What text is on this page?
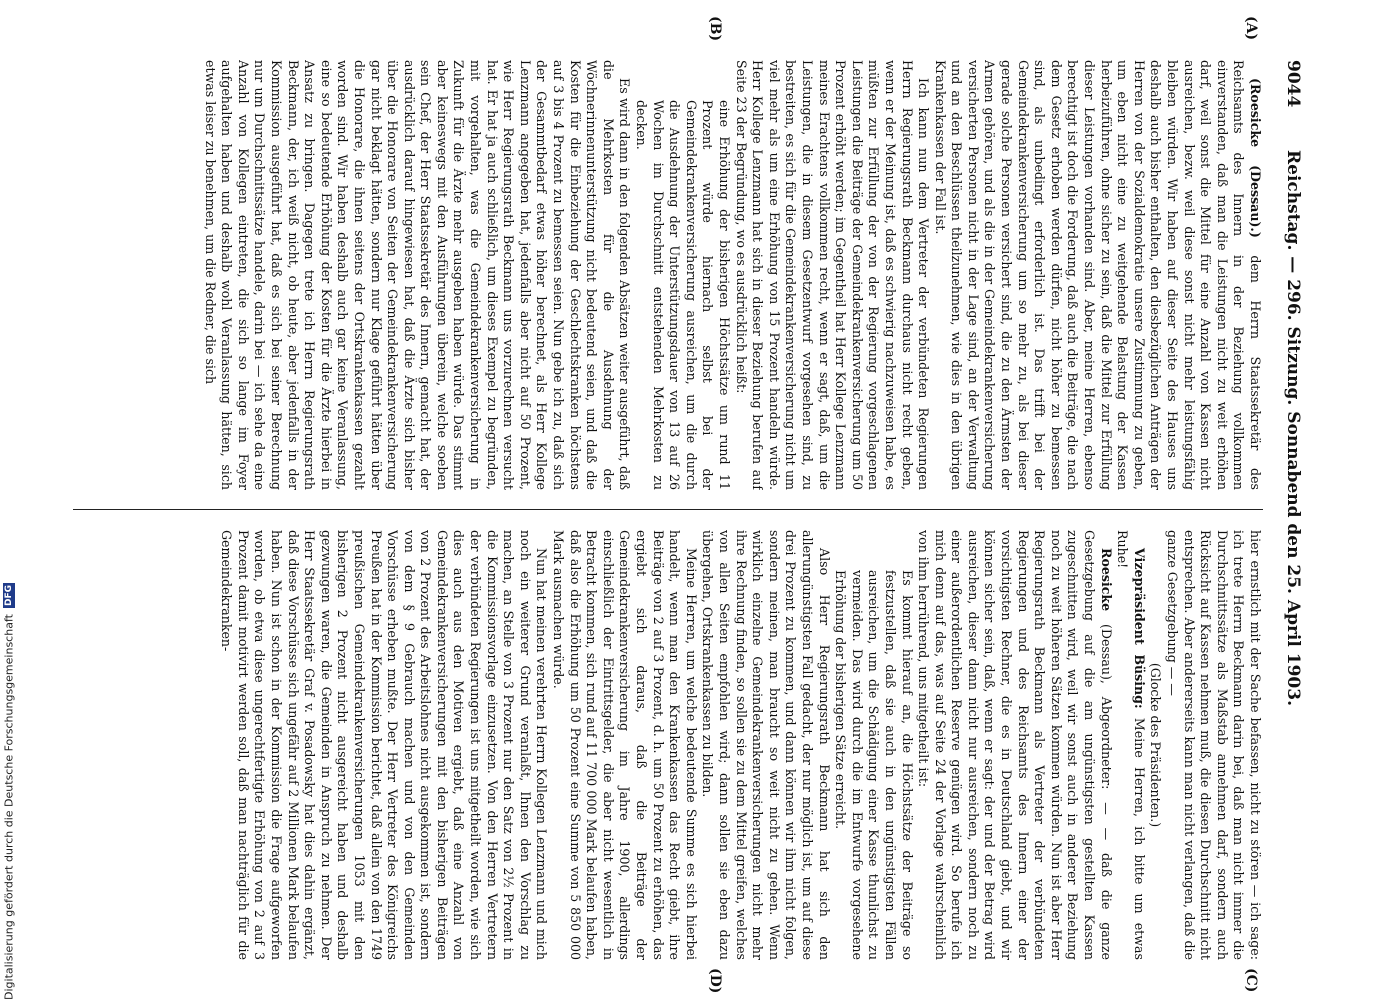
9044
Reichstag. — 296. Sitzung. Sonnabend den 25. April 1903.
(A)
(B)
(C)
(D)

(Roesicke (Dessau).) dem Herrn Staatssekretär des Reichsamts des Innern in der Beziehung vollkommen einverstanden, daß man die Leistungen nicht zu weit erhöhen darf, weil sonst die Mittel für eine Anzahl von Kassen nicht ausreichen, bezw. weil diese sonst nicht mehr leistungsfähig bleiben würden. Wir haben auf dieser Seite des Hauses uns deshalb auch bisher enthalten, den diesbezüglichen Anträgen der Herren von der Sozialdemokratie unsere Zustimmung zu geben, um eben nicht eine zu weitgehende Belastung der Kassen herbeizuführen, ohne sicher zu sein, daß die Mittel zur Erfüllung dieser Leistungen vorhanden sind. Aber, meine Herren, ebenso berechtigt ist doch die Forderung, daß auch die Beiträge, die nach dem Gesetz erhoben werden dürfen, nicht höher zu bemessen sind, als unbedingt erforderlich ist. Das trifft bei der Gemeindekrankenversicherung um so mehr zu, als bei dieser gerade solche Personen versichert sind, die zu den Ärmsten der Armen gehören, und als die in der Gemeindekrankenversicherung versicherten Personen nicht in der Lage sind, an der Verwaltung und an den Beschlüssen theilzunehmen, wie dies in den übrigen Krankenkassen der Fall ist.

Ich kann nun dem Vertreter der verbündeten Regierungen Herrn Regierungsrath Beckmann durchaus nicht recht geben, wenn er der Meinung ist, daß es schwierig nachzuweisen habe, es müßten zur Erfüllung der von der Regierung vorgeschlagenen Leistungen die Beiträge der Gemeindekrankenversicherung um 50 Prozent erhöht werden; im Gegentheil hat Herr Kollege Lenzmann meines Erachtens vollkommen recht, wenn er sagt, daß, um die Leistungen, die in diesem Gesetzentwurf vorgesehen sind, zu bestreiten, es sich für die Gemeindekrankenversicherung nicht um viel mehr als um eine Erhöhung von 15 Prozent handeln würde. Herr Kollege Lenzmann hat sich in dieser Beziehung berufen auf Seite 23 der Begründung, wo es ausdrücklich heißt:

eine Erhöhung der bisherigen Höchstsätze um rund 11 Prozent würde hiernach selbst bei der Gemeindekrankenversicherung ausreichen, um die durch die Ausdehnung der Unterstützungsdauer von 13 auf 26 Wochen im Durchschnitt entstehenden Mehrkosten zu decken.

Es wird dann in den folgenden Absätzen weiter ausgeführt, daß die Mehrkosten für die Ausdehnung der Wöchnerinnenunterstützung nicht bedeutend seien, und daß die Kosten für die Einbeziehung der Geschlechtskranken höchstens auf 3 bis 4 Prozent zu bemessen seien. Nun gebe ich zu, daß sich der Gesammtbedarf etwas höher berechnet, als Herr Kollege Lenzmann angegeben hat, jedenfalls aber nicht auf 50 Prozent, wie Herr Regierungsrath Beckmann uns vorzurechnen versucht hat. Er hat ja auch schließlich, um dieses Exempel zu begründen, mit vorgehalten, was die Gemeindekrankenversicherung in Zukunft für die Ärzte mehr ausgeben haben würde. Das stimmt aber keineswegs mit den Ausführungen überein, welche soeben sein Chef, der Herr Staatssekretär des Innern, gemacht hat, der ausdrücklich darauf hingewiesen hat, daß die Ärzte sich bisher über die Honorare von Seiten der Gemeindekrankenversicherung gar nicht beklagt hätten, sondern nur Klage geführt hätten über die Honorare, die ihnen seitens der Ortskrankenkassen gezahlt worden sind. Wir haben deshalb auch gar keine Veranlassung, eine so bedeutende Erhöhung der Kosten für die Ärzte hierbei in Ansatz zu bringen. Dagegen trete ich Herrn Regierungsrath Beckmann, der, ich weiß nicht, ob heute, aber jedenfalls in der Kommission ausgeführt hat, daß es sich bei seiner Berechnung nur um Durchschnittssätze handele, darin bei — ich sehe da eine Anzahl von Kollegen eintreten, die sich so lange im Foyer aufgehalten haben und deshalb wohl Veranlassung hätten, sich etwas leiser zu benehmen, um die Redner, die sich

hier ernstlich mit der Sache befassen, nicht zu stören — ich sage: ich trete Herrn Beckmann darin bei, daß man nicht immer die Durchschnittssätze als Maßstab annehmen darf, sondern auch Rücksicht auf Kassen nehmen muß, die diesen Durchschnitt nicht entsprechen. Aber andererseits kann man nicht verlangen, daß die ganze Gesetzgebung — —

(Glocke des Präsidenten.)

Vizepräsident Büsing: Meine Herren, ich bitte um etwas Ruhe!

Roesicke (Dessau), Abgeordneter: — — daß die ganze Gesetzgebung auf die am ungünstigsten gestellten Kassen zugeschnitten wird, weil wir sonst auch in anderer Beziehung noch zu weit höheren Sätzen kommen würden. Nun ist aber Herr Regierungsrath Beckmann als Vertreter der verbündeten Regierungen und des Reichsamts des Innern einer der vorsichtigsten Rechner, die es in Deutschland giebt, und wir können sicher sein, daß, wenn er sagt: der und der Betrag wird ausreichen, dieser dann nicht nur ausreichen, sondern noch zu einer außerordentlichen Reserve genügen wird. So berufe ich mich denn auf das, was auf Seite 24 der Vorlage wahrscheinlich von ihm herrührend, uns mitgetheilt ist:

Es kommt hierauf an, die Höchstsätze der Beiträge so festzustellen, daß sie auch in den ungünstigsten Fällen ausreichen, um die Schädigung einer Kasse thunlichst zu vermeiden. Das wird durch die im Entwurfe vorgesehene Erhöhung der bisherigen Sätze erreicht.

Also Herr Regierungsrath Beckmann hat sich den allerungünstigsten Fall gedacht, der nur möglich ist, um auf diese drei Prozent zu kommen, und dann können wir ihm nicht folgen, sondern meinen, man braucht so weit nicht zu gehen. Wenn wirklich einzelne Gemeindekrankenversicherungen nicht mehr ihre Rechnung finden, so sollen sie zu dem Mittel greifen, welches von allen Seiten empfohlen wird; dann sollen sie eben dazu übergehen, Ortskrankenkassen zu bilden.

Meine Herren, um welche bedeutende Summe es sich hierbei handelt, wenn man den Krankenkassen das Recht giebt, ihre Beiträge von 2 auf 3 Prozent, d. h. um 50 Prozent zu erhöhen, das ergiebt sich daraus, daß die Beiträge der Gemeindekrankenversicherung im Jahre 1900, allerdings einschließlich der Eintrittsgelder, die aber nicht wesentlich in Betracht kommen, sich rund auf 11 700 000 Mark belaufen haben, daß also die Erhöhung um 50 Prozent eine Summe von 5 850 000 Mark ausmachen würde.

Nun hat meinen verehrten Herrn Kollegen Lenzmann und mich noch ein weiterer Grund veranlaßt, Ihnen den Vorschlag zu machen, an Stelle von 3 Prozent nur den Satz von 2½ Prozent in die Kommissionsvorlage einzusetzen. Von den Herren Vertretern der verbündeten Regierungen ist uns mitgetheilt worden, wie sich dies auch aus den Motiven ergiebt, daß eine Anzahl von Gemeindekrankenversicherungen mit den bisherigen Beiträgen von 2 Prozent des Arbeitslohnes nicht ausgekommen ist, sondern von dem § 9 Gebrauch machen und von den Gemeinden Vorschüsse erheben mußte. Der Herr Vertreter des Königreichs Preußen hat in der Kommission berichtet, daß allein von den 1749 preußischen Gemeindekrankenversicherungen 1053 mit den bisherigen 2 Prozent nicht ausgereicht haben und deshalb gezwungen waren, die Gemeinden in Anspruch zu nehmen. Der Herr Staatssekretär Graf v. Posadowsky hat dies dahin ergänzt, daß diese Vorschüsse sich ungefähr auf 2 Millionen Mark belaufen haben. Nun ist schon in der Kommission die Frage aufgeworfen worden, ob etwa diese ungerechtfertigte Erhöhung von 2 auf 3 Prozent damit motivirt werden soll, daß man nachträglich für die Gemeindekranken-

Digitalisierung gefördert durch die Deutsche Forschungsgemeinschaft
DFG
